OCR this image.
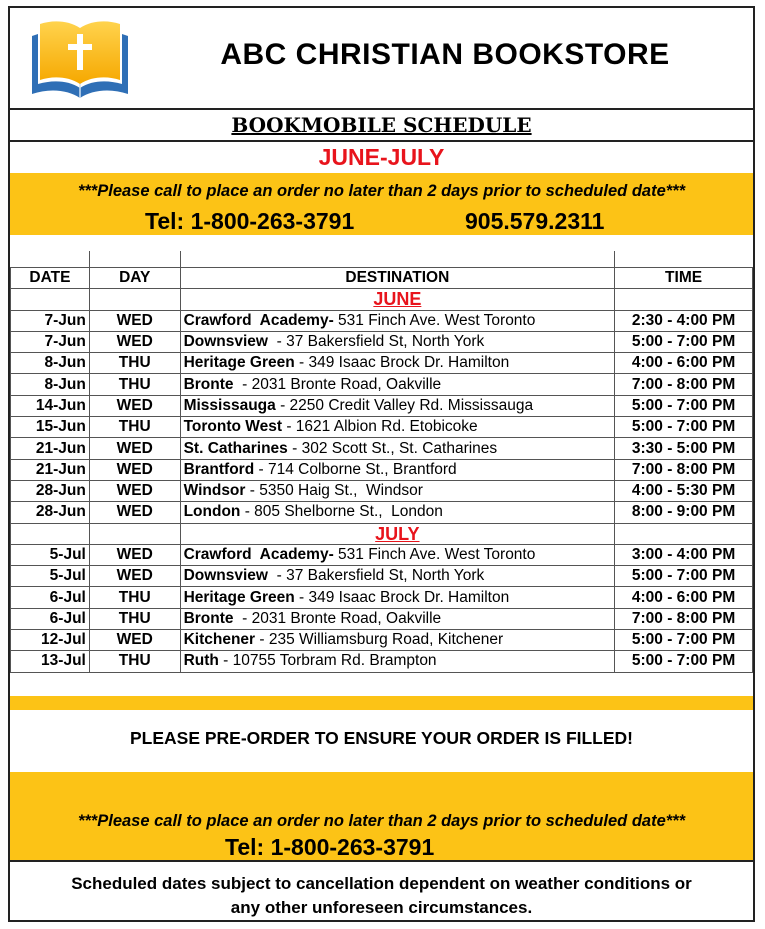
ABC CHRISTIAN BOOKSTORE
BOOKMOBILE SCHEDULE
JUNE-JULY
***Please call to place an order no later than 2 days prior to scheduled date***
Tel: 1-800-263-3791	905.579.2311

DATE	DAY	DESTINATION	TIME
		JUNE	
7-Jun	WED	Crawford  Academy- 531 Finch Ave. West Toronto	2:30 - 4:00 PM
7-Jun	WED	Downsview  - 37 Bakersfield St, North York	5:00 - 7:00 PM
8-Jun	THU	Heritage Green - 349 Isaac Brock Dr. Hamilton	4:00 - 6:00 PM
8-Jun	THU	Bronte  - 2031 Bronte Road, Oakville	7:00 - 8:00 PM
14-Jun	WED	Mississauga - 2250 Credit Valley Rd. Mississauga	5:00 - 7:00 PM
15-Jun	THU	Toronto West - 1621 Albion Rd. Etobicoke	5:00 - 7:00 PM
21-Jun	WED	St. Catharines - 302 Scott St., St. Catharines	3:30 - 5:00 PM
21-Jun	WED	Brantford - 714 Colborne St., Brantford	7:00 - 8:00 PM
28-Jun	WED	Windsor - 5350 Haig St.,  Windsor	4:00 - 5:30 PM
28-Jun	WED	London - 805 Shelborne St.,  London	8:00 - 9:00 PM
		JULY	
5-Jul	WED	Crawford  Academy- 531 Finch Ave. West Toronto	3:00 - 4:00 PM
5-Jul	WED	Downsview  - 37 Bakersfield St, North York	5:00 - 7:00 PM
6-Jul	THU	Heritage Green - 349 Isaac Brock Dr. Hamilton	4:00 - 6:00 PM
6-Jul	THU	Bronte  - 2031 Bronte Road, Oakville	7:00 - 8:00 PM
12-Jul	WED	Kitchener - 235 Williamsburg Road, Kitchener	5:00 - 7:00 PM
13-Jul	THU	Ruth - 10755 Torbram Rd. Brampton	5:00 - 7:00 PM
PLEASE PRE-ORDER TO ENSURE YOUR ORDER IS FILLED!
***Please call to place an order no later than 2 days prior to scheduled date***
Tel: 1-800-263-3791
Scheduled dates subject to cancellation dependent on weather conditions or
any other unforeseen circumstances.
